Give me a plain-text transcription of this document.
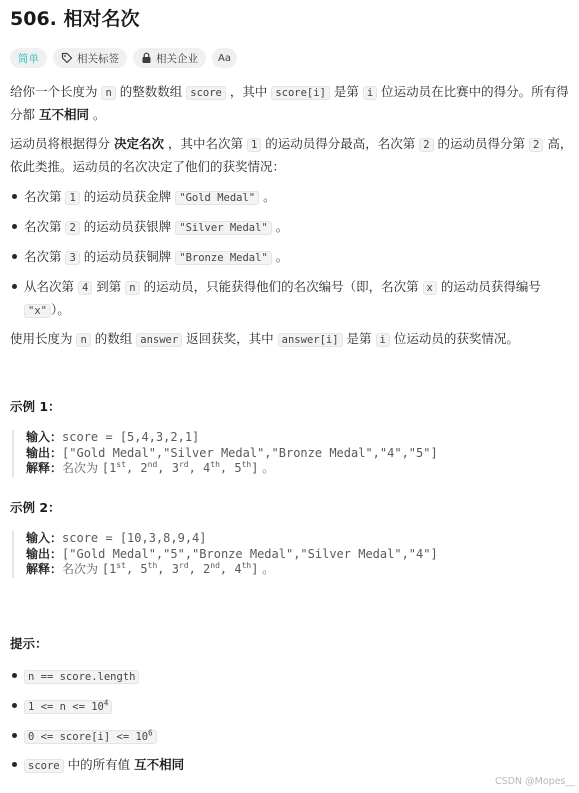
506. 相对名次
简单	相关标签	相关企业 Aa
给你一个长度为 n 的整数数组 score ，其中 score[i] 是第 i 位运动员在比赛中的得分。所有得分都 互不相同 。
运动员将根据得分 决定名次 ，其中名次第 1 的运动员得分最高，名次第 2 的运动员得分第 2 高，依此类推。运动员的名次决定了他们的获奖情况：
名次第 1 的运动员获金牌 "Gold Medal" 。
名次第 2 的运动员获银牌 "Silver Medal" 。
名次第 3 的运动员获铜牌 "Bronze Medal" 。
从名次第 4 到第 n 的运动员，只能获得他们的名次编号（即，名次第 x 的运动员获得编号 "x" ）。
使用长度为 n 的数组 answer 返回获奖，其中 answer[i] 是第 i 位运动员的获奖情况。
示例 1：
输入：score = [5,4,3,2,1]
输出：["Gold Medal","Silver Medal","Bronze Medal","4","5"]
解释：名次为 [1st, 2nd, 3rd, 4th, 5th] 。
示例 2：
输入：score = [10,3,8,9,4]
输出：["Gold Medal","5","Bronze Medal","Silver Medal","4"]
解释：名次为 [1st, 5th, 3rd, 2nd, 4th] 。
提示：
n == score.length
$1 <= n <= 10^4$
0 <= score[i] <= $10^6$
score 中的所有值 互不相同
CSDN @Mopes__
